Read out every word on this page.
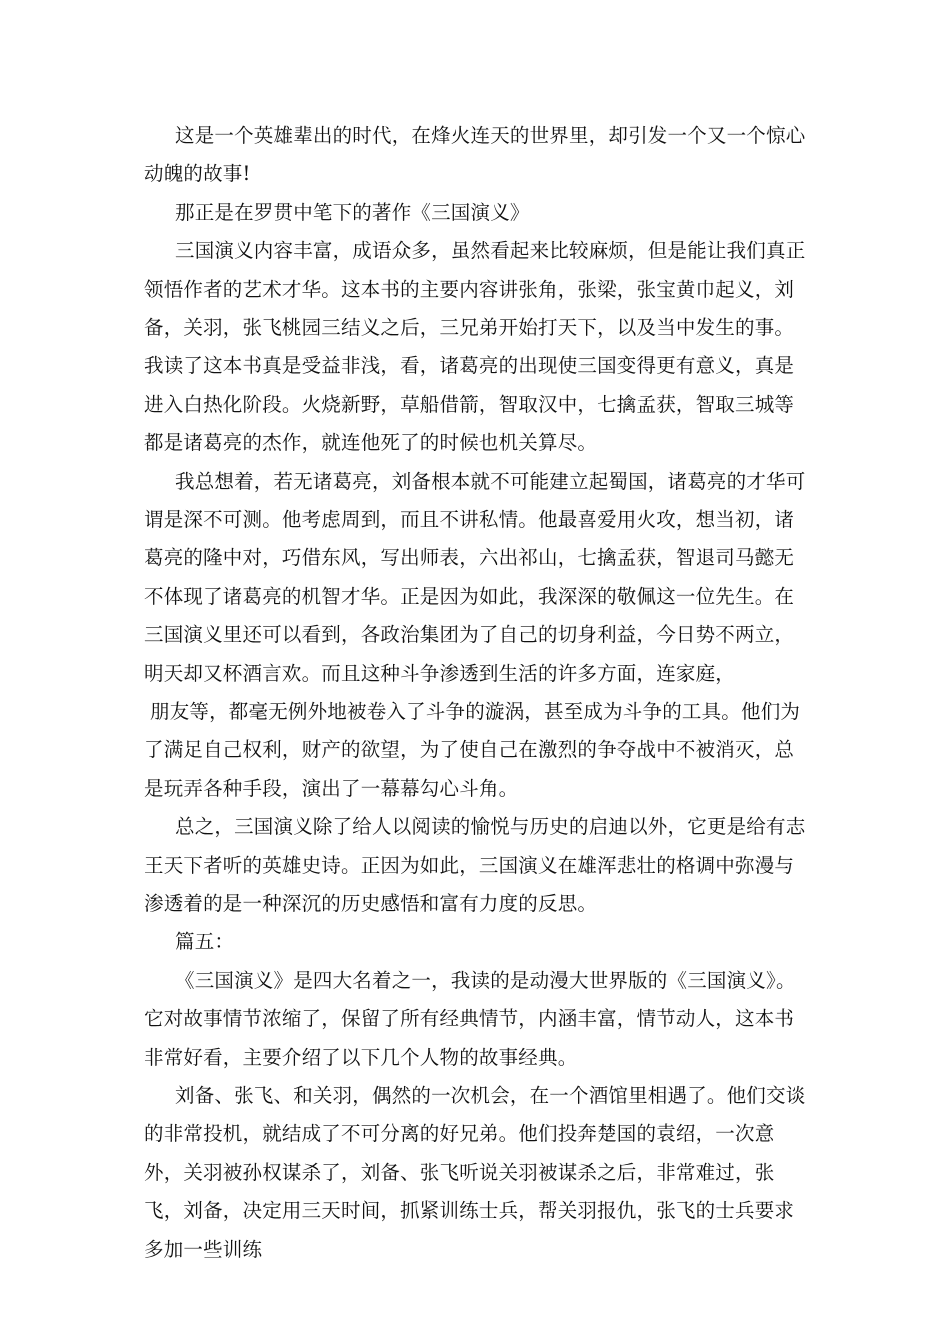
这是一个英雄辈出的时代，在烽火连天的世界里，却引发一个又一个惊心动魄的故事!

那正是在罗贯中笔下的著作《三国演义》

三国演义内容丰富，成语众多，虽然看起来比较麻烦，但是能让我们真正领悟作者的艺术才华。这本书的主要内容讲张角，张梁，张宝黄巾起义，刘备，关羽，张飞桃园三结义之后，三兄弟开始打天下，以及当中发生的事。我读了这本书真是受益非浅，看，诸葛亮的出现使三国变得更有意义，真是进入白热化阶段。火烧新野，草船借箭，智取汉中，七擒孟获，智取三城等都是诸葛亮的杰作，就连他死了的时候也机关算尽。

我总想着，若无诸葛亮，刘备根本就不可能建立起蜀国，诸葛亮的才华可谓是深不可测。他考虑周到，而且不讲私情。他最喜爱用火攻，想当初，诸葛亮的隆中对，巧借东风，写出师表，六出祁山，七擒孟获，智退司马懿无不体现了诸葛亮的机智才华。正是因为如此，我深深的敬佩这一位先生。在三国演义里还可以看到，各政治集团为了自己的切身利益，今日势不两立，明天却又杯酒言欢。而且这种斗争渗透到生活的许多方面，连家庭，

朋友等，都毫无例外地被卷入了斗争的漩涡，甚至成为斗争的工具。他们为了满足自己权利，财产的欲望，为了使自己在激烈的争夺战中不被消灭，总是玩弄各种手段，演出了一幕幕勾心斗角。

总之，三国演义除了给人以阅读的愉悦与历史的启迪以外，它更是给有志王天下者听的英雄史诗。正因为如此，三国演义在雄浑悲壮的格调中弥漫与渗透着的是一种深沉的历史感悟和富有力度的反思。

篇五：

《三国演义》是四大名着之一，我读的是动漫大世界版的《三国演义》。它对故事情节浓缩了，保留了所有经典情节，内涵丰富，情节动人，这本书非常好看，主要介绍了以下几个人物的故事经典。

刘备、张飞、和关羽，偶然的一次机会，在一个酒馆里相遇了。他们交谈的非常投机，就结成了不可分离的好兄弟。他们投奔楚国的袁绍，一次意外，关羽被孙权谋杀了，刘备、张飞听说关羽被谋杀之后，非常难过，张飞，刘备，决定用三天时间，抓紧训练士兵，帮关羽报仇，张飞的士兵要求多加一些训练
